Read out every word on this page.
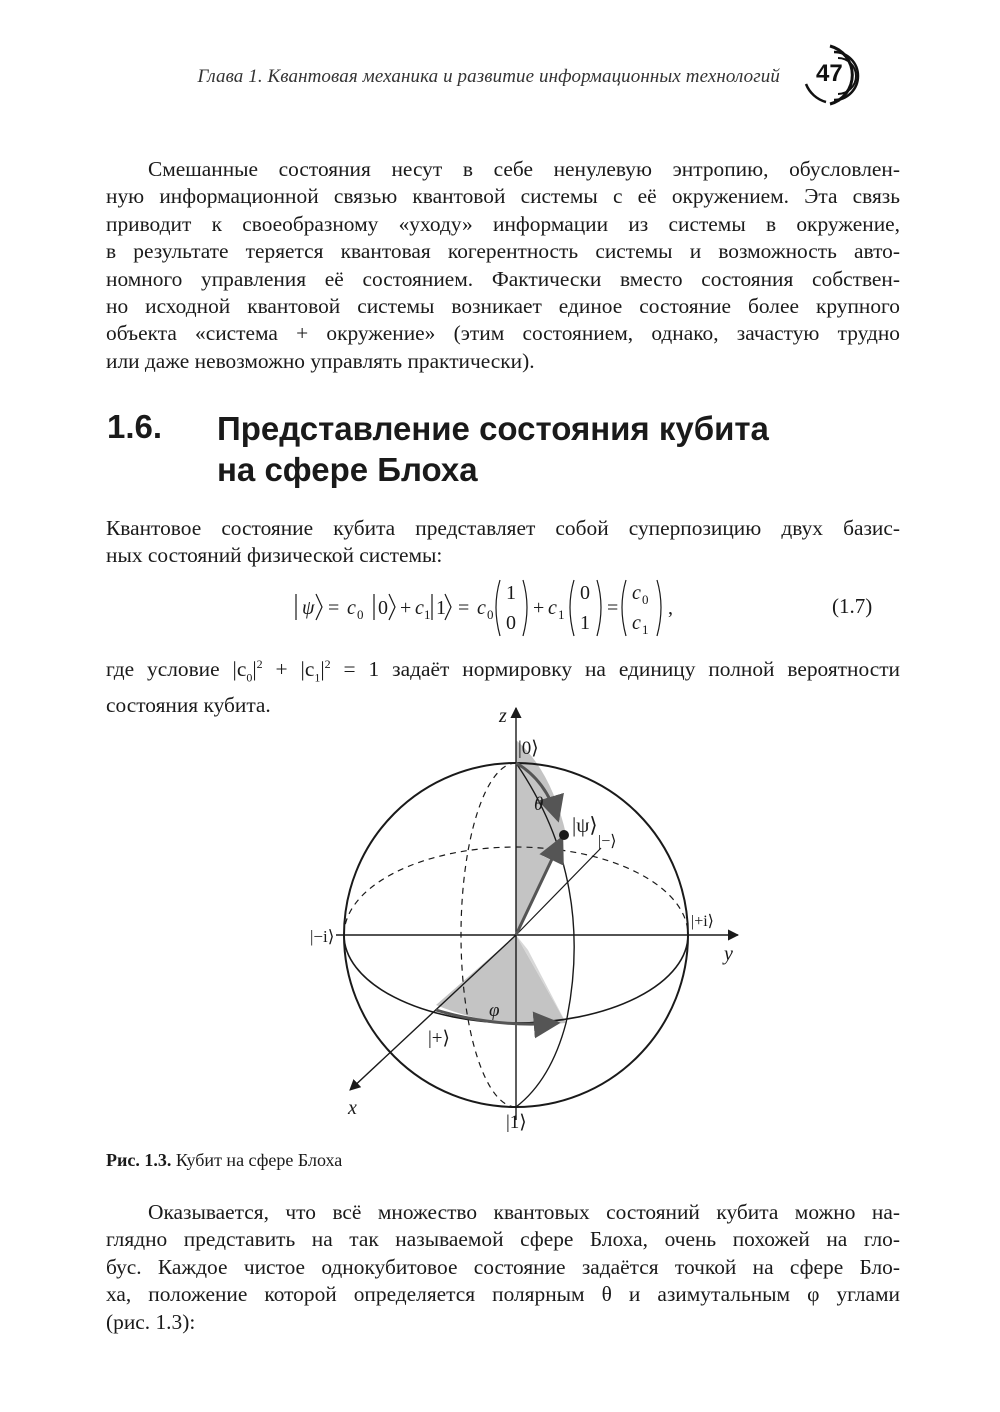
Глава 1. Квантовая механика и развитие информационных технологий 47
Смешанные состояния несут в себе ненулевую энтропию, обусловлен-
ную информационной связью квантовой системы с её окружением. Эта связь
приводит к своеобразному «уходу» информации из системы в окружение,
в результате теряется квантовая когерентность системы и возможность авто-
номного управления её состоянием. Фактически вместо состояния собствен-
но исходной квантовой системы возникает единое состояние более крупного
объекта «система + окружение» (этим состоянием, однако, зачастую трудно
или даже невозможно управлять практически).
1.6. Представление состояния кубита
на сфере Блоха
Квантовое состояние кубита представляет собой суперпозицию двух базис-
ных состояний физической системы:
ψ = c 0 0 + c 1 1 = c 0
1
0
+ c 1
0
1
=
c 0
c 1
,	(1.7)
где условие $|c_0|^2 + |c_1|^2 = 1$ задаёт нормировку на единицу полной вероятности
состояния кубита.	z
y
x
|0⟩
|1⟩
|ψ⟩
|−⟩
|+i⟩
|−i⟩
|+⟩
θ
φ
Рис. 1.3. Кубит на сфере Блоха
Оказывается, что всё множество квантовых состояний кубита можно на-
глядно представить на так называемой сфере Блоха, очень похожей на гло-
бус. Каждое чистое однокубитовое состояние задаётся точкой на сфере Бло-
ха, положение которой определяется полярным θ и азимутальным φ углами
(рис. 1.3):
